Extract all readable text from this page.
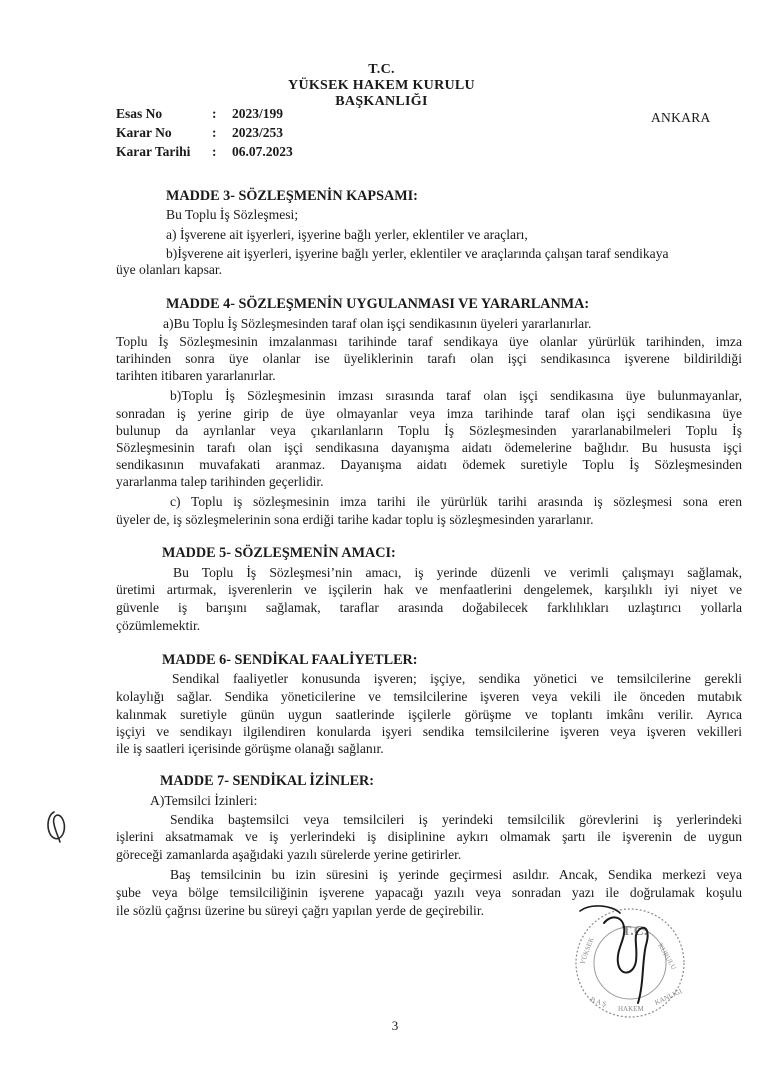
T.C.
YÜKSEK HAKEM KURULU
BAŞKANLIĞI
Esas No	:	2023/199
Karar No	:	2023/253
Karar Tarihi	:	06.07.2023
ANKARA
MADDE 3- SÖZLEŞMENİN KAPSAMI:
Bu Toplu İş Sözleşmesi;
a) İşverene ait işyerleri, işyerine bağlı yerler, eklentiler ve araçları,
b)İşverene ait işyerleri, işyerine bağlı yerler, eklentiler ve araçlarında çalışan taraf sendikaya
üye olanları kapsar.
MADDE 4- SÖZLEŞMENİN UYGULANMASI VE YARARLANMA:
a)Bu Toplu İş Sözleşmesinden taraf olan işçi sendikasının üyeleri yararlanırlar.
Toplu İş Sözleşmesinin imzalanması tarihinde taraf sendikaya üye olanlar yürürlük tarihinden, imza
tarihinden sonra üye olanlar ise üyeliklerinin tarafı olan işçi sendikasınca işverene bildirildiği
tarihten itibaren yararlanırlar.
b)Toplu İş Sözleşmesinin imzası sırasında taraf olan işçi sendikasına üye bulunmayanlar,
sonradan iş yerine girip de üye olmayanlar veya imza tarihinde taraf olan işçi sendikasına üye
bulunup da ayrılanlar veya çıkarılanların Toplu İş Sözleşmesinden yararlanabilmeleri Toplu İş
Sözleşmesinin tarafı olan işçi sendikasına dayanışma aidatı ödemelerine bağlıdır. Bu hususta işçi
sendikasının muvafakati aranmaz. Dayanışma aidatı ödemek suretiyle Toplu İş Sözleşmesinden
yararlanma talep tarihinden geçerlidir.
c) Toplu iş sözleşmesinin imza tarihi ile yürürlük tarihi arasında iş sözleşmesi sona eren
üyeler de, iş sözleşmelerinin sona erdiği tarihe kadar toplu iş sözleşmesinden yararlanır.
MADDE 5- SÖZLEŞMENİN AMACI:
Bu Toplu İş Sözleşmesi’nin amacı, iş yerinde düzenli ve verimli çalışmayı sağlamak,
üretimi artırmak, işverenlerin ve işçilerin hak ve menfaatlerini dengelemek, karşılıklı iyi niyet ve
güvenle iş barışını sağlamak, taraflar arasında doğabilecek farklılıkları uzlaştırıcı yollarla
çözümlemektir.
MADDE 6- SENDİKAL FAALİYETLER:
Sendikal faaliyetler konusunda işveren; işçiye, sendika yönetici ve temsilcilerine gerekli
kolaylığı sağlar. Sendika yöneticilerine ve temsilcilerine işveren veya vekili ile önceden mutabık
kalınmak suretiyle günün uygun saatlerinde işçilerle görüşme ve toplantı imkânı verilir. Ayrıca
işçiyi ve sendikayı ilgilendiren konularda işyeri sendika temsilcilerine işveren veya işveren vekilleri
ile iş saatleri içerisinde görüşme olanağı sağlanır.
MADDE 7- SENDİKAL İZİNLER:
A)Temsilci İzinleri:
Sendika baştemsilci veya temsilcileri iş yerindeki temsilcilik görevlerini iş yerlerindeki
işlerini aksatmamak ve iş yerlerindeki iş disiplinine aykırı olmamak şartı ile işverenin de uygun
göreceği zamanlarda aşağıdaki yazılı sürelerde yerine getirirler.
Baş temsilcinin bu izin süresini iş yerinde geçirmesi asıldır. Ancak, Sendika merkezi veya
şube veya bölge temsilciliğinin işverene yapacağı yazılı veya sonradan yazı ile doğrulamak koşulu
ile sözlü çağrısı üzerine bu süreyi çağrı yapılan yerde de geçirebilir.
T.C.
YÜKSEK	KURULU
B A Ş
HAKEM
KANLIĞI
3
